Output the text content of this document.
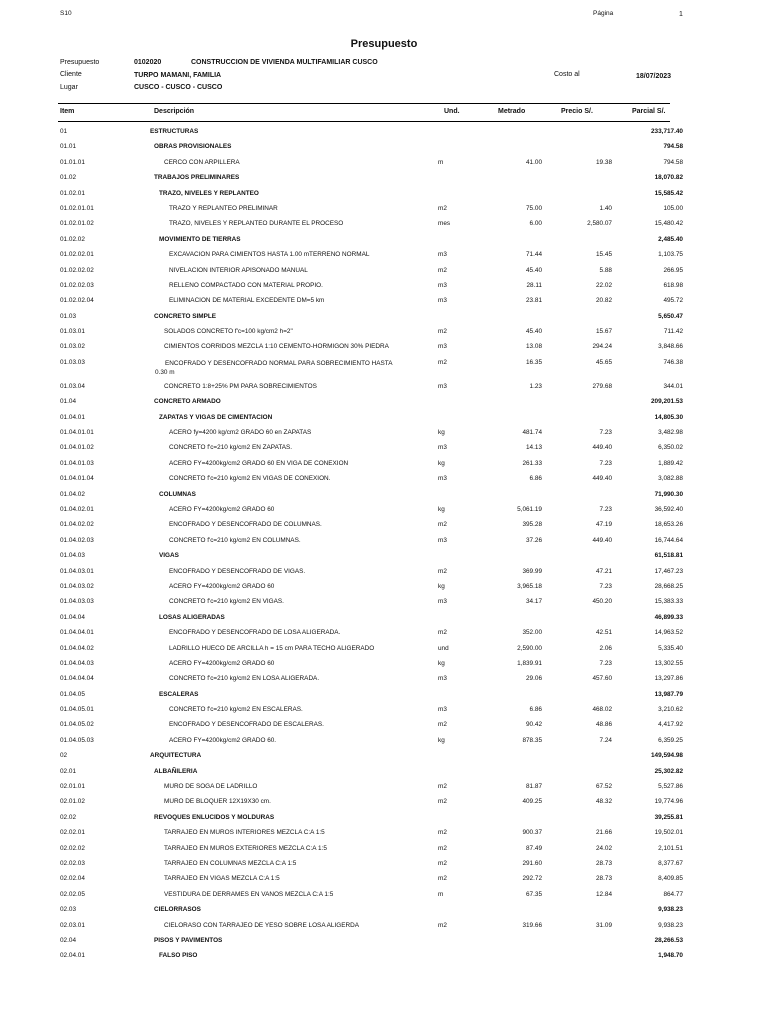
S10	Página	1
Presupuesto
Presupuesto	0102020	CONSTRUCCION DE VIVIENDA MULTIFAMILIAR CUSCO
Cliente	TURPO MAMANI, FAMILIA	Costo al	18/07/2023
Lugar	CUSCO - CUSCO - CUSCO
Item	Descripción	Und.	Metrado	Precio S/.	Parcial S/.
01	ESTRUCTURAS	233,717.40
01.01	OBRAS PROVISIONALES	794.58
01.01.01	CERCO CON ARPILLERA	m	41.00	19.38	794.58
01.02	TRABAJOS PRELIMINARES	18,070.82
01.02.01	TRAZO, NIVELES Y REPLANTEO	15,585.42
01.02.01.01	TRAZO Y REPLANTEO PRELIMINAR	m2	75.00	1.40	105.00
01.02.01.02	TRAZO, NIVELES Y REPLANTEO DURANTE EL PROCESO	mes	6.00	2,580.07	15,480.42
01.02.02	MOVIMIENTO DE TIERRAS	2,485.40
01.02.02.01	EXCAVACION PARA CIMIENTOS HASTA 1.00 mTERRENO NORMAL	m3	71.44	15.45	1,103.75
01.02.02.02	NIVELACION INTERIOR APISONADO MANUAL	m2	45.40	5.88	266.95
01.02.02.03	RELLENO COMPACTADO CON MATERIAL PROPIO.	m3	28.11	22.02	618.98
01.02.02.04	ELIMINACION DE MATERIAL EXCEDENTE DM=5 km	m3	23.81	20.82	495.72
01.03	CONCRETO SIMPLE	5,650.47
01.03.01	SOLADOS CONCRETO f'c=100 kg/cm2 h=2"	m2	45.40	15.67	711.42
01.03.02	CIMIENTOS CORRIDOS MEZCLA 1:10 CEMENTO-HORMIGON 30% PIEDRA	m3	13.08	294.24	3,848.66
01.03.03	ENCOFRADO Y DESENCOFRADO NORMAL PARA SOBRECIMIENTO HASTA
0.30 m
m2	16.35	45.65	746.38
01.03.04	CONCRETO 1:8+25% PM PARA SOBRECIMIENTOS	m3	1.23	279.68	344.01
01.04	CONCRETO ARMADO	209,201.53
01.04.01	ZAPATAS Y VIGAS DE CIMENTACION	14,805.30
01.04.01.01	ACERO fy=4200 kg/cm2 GRADO 60 en ZAPATAS	kg	481.74	7.23	3,482.98
01.04.01.02	CONCRETO f'c=210 kg/cm2 EN ZAPATAS.	m3	14.13	449.40	6,350.02
01.04.01.03	ACERO FY=4200kg/cm2 GRADO 60 EN VIGA DE CONEXION	kg	261.33	7.23	1,889.42
01.04.01.04	CONCRETO f'c=210 kg/cm2 EN VIGAS DE CONEXION.	m3	6.86	449.40	3,082.88
01.04.02	COLUMNAS	71,990.30
01.04.02.01	ACERO FY=4200kg/cm2 GRADO 60	kg	5,061.19	7.23	36,592.40
01.04.02.02	ENCOFRADO Y DESENCOFRADO DE COLUMNAS.	m2	395.28	47.19	18,653.26
01.04.02.03	CONCRETO f'c=210 kg/cm2 EN COLUMNAS.	m3	37.26	449.40	16,744.64
01.04.03	VIGAS	61,518.81
01.04.03.01	ENCOFRADO Y DESENCOFRADO DE VIGAS.	m2	369.99	47.21	17,467.23
01.04.03.02	ACERO FY=4200kg/cm2 GRADO 60	kg	3,965.18	7.23	28,668.25
01.04.03.03	CONCRETO f'c=210 kg/cm2 EN VIGAS.	m3	34.17	450.20	15,383.33
01.04.04	LOSAS ALIGERADAS	46,899.33
01.04.04.01	ENCOFRADO Y DESENCOFRADO DE LOSA ALIGERADA.	m2	352.00	42.51	14,963.52
01.04.04.02	LADRILLO HUECO DE ARCILLA h = 15 cm PARA TECHO ALIGERADO	und	2,590.00	2.06	5,335.40
01.04.04.03	ACERO FY=4200kg/cm2 GRADO 60	kg	1,839.91	7.23	13,302.55
01.04.04.04	CONCRETO f'c=210 kg/cm2 EN LOSA ALIGERADA.	m3	29.06	457.60	13,297.86
01.04.05	ESCALERAS	13,987.79
01.04.05.01	CONCRETO f'c=210 kg/cm2 EN ESCALERAS.	m3	6.86	468.02	3,210.62
01.04.05.02	ENCOFRADO Y DESENCOFRADO DE ESCALERAS.	m2	90.42	48.86	4,417.92
01.04.05.03	ACERO FY=4200kg/cm2 GRADO 60.	kg	878.35	7.24	6,359.25
02	ARQUITECTURA	149,594.98
02.01	ALBAÑILERIA	25,302.82
02.01.01	MURO DE SOGA DE LADRILLO	m2	81.87	67.52	5,527.86
02.01.02	MURO DE BLOQUER 12X19X30 cm.	m2	409.25	48.32	19,774.96
02.02	REVOQUES ENLUCIDOS Y MOLDURAS	39,255.81
02.02.01	TARRAJEO EN MUROS INTERIORES MEZCLA C:A 1:5	m2	900.37	21.66	19,502.01
02.02.02	TARRAJEO EN MUROS EXTERIORES MEZCLA C:A 1:5	m2	87.49	24.02	2,101.51
02.02.03	TARRAJEO EN COLUMNAS MEZCLA C:A 1:5	m2	291.60	28.73	8,377.67
02.02.04	TARRAJEO EN VIGAS MEZCLA C:A 1:5	m2	292.72	28.73	8,409.85
02.02.05	VESTIDURA DE DERRAMES EN VANOS MEZCLA C:A 1:5	m	67.35	12.84	864.77
02.03	CIELORRASOS	9,938.23
02.03.01	CIELORASO CON TARRAJEO DE YESO SOBRE LOSA ALIGERDA	m2	319.66	31.09	9,938.23
02.04	PISOS Y PAVIMENTOS	28,266.53
02.04.01	FALSO PISO	1,948.70
